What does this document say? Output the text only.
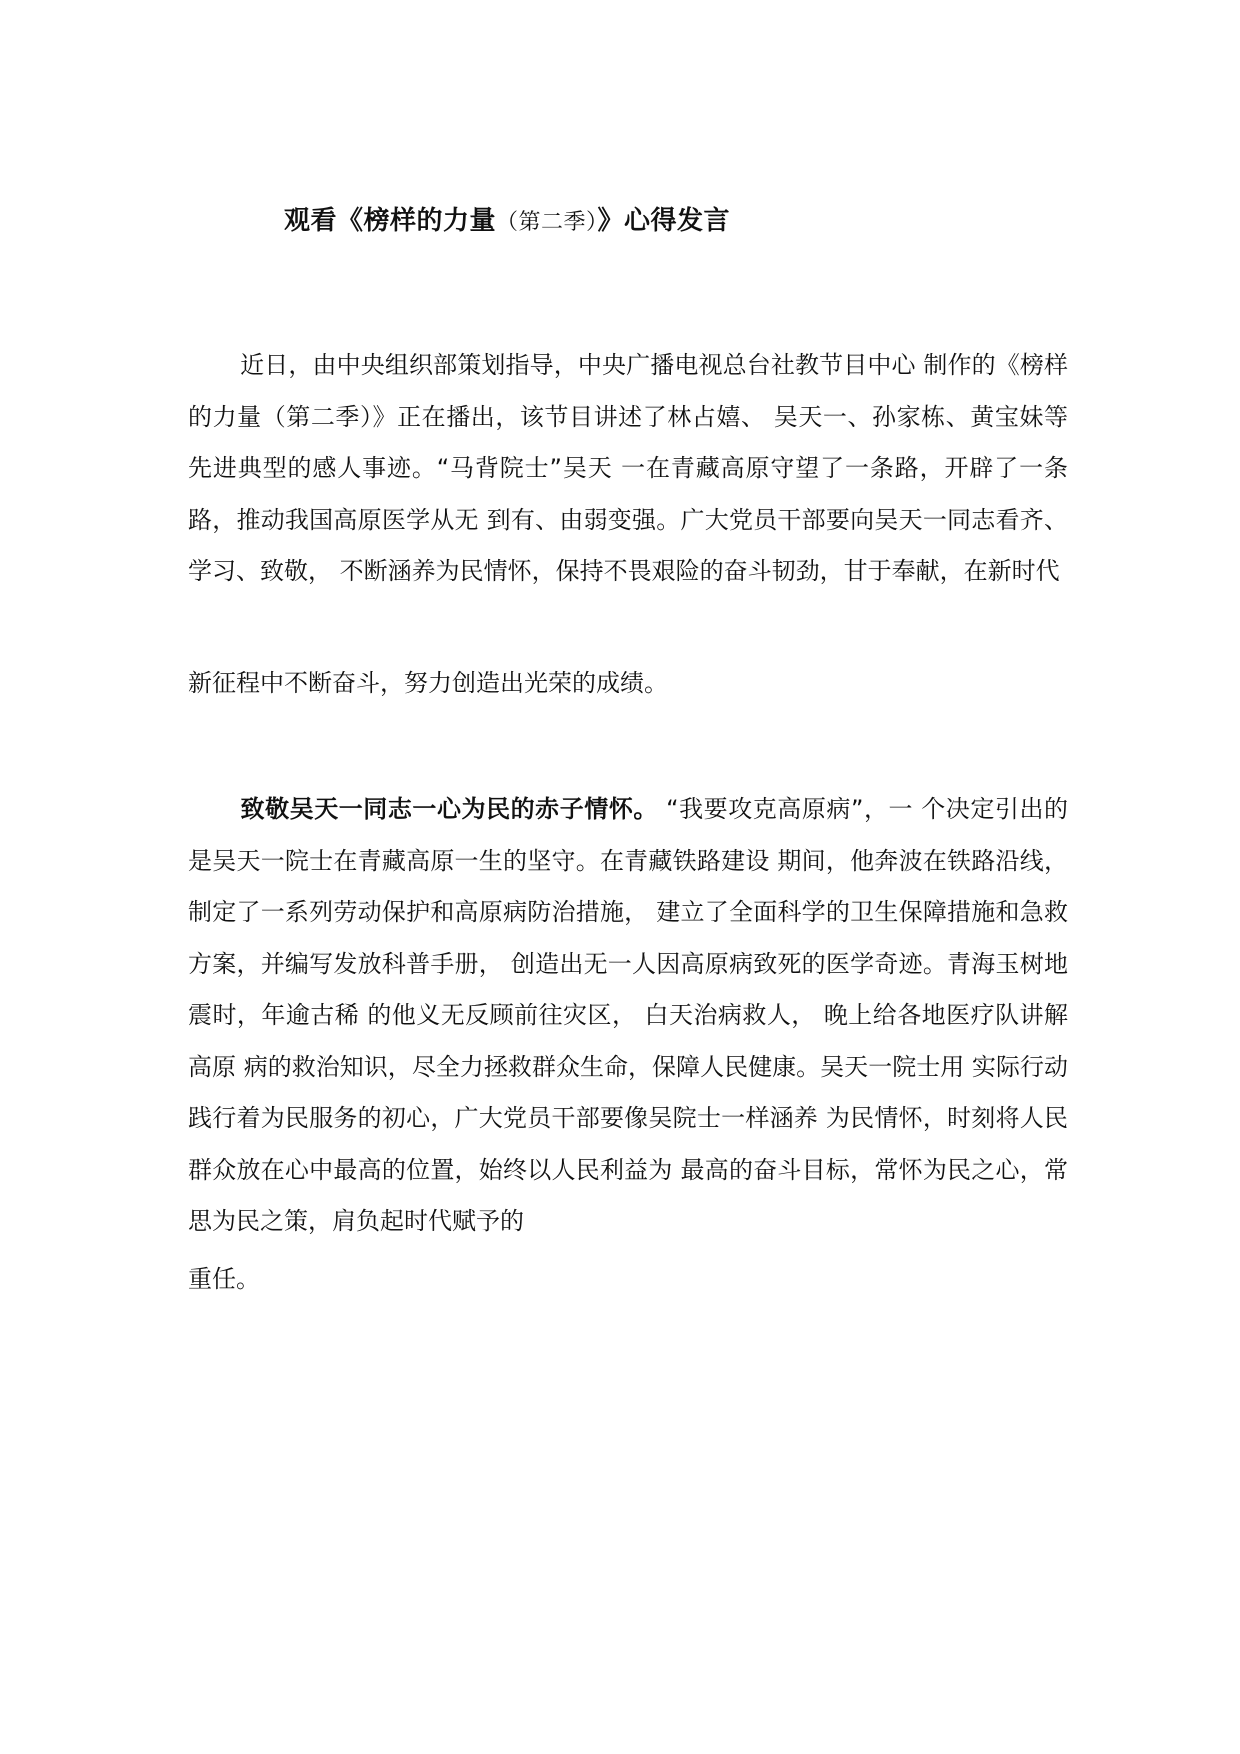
观看《榜样的力量（第二季）》心得发言

近日，由中央组织部策划指导，中央广播电视总台社教节目中心 制作的《榜样的力量（第二季）》正在播出，该节目讲述了林占嬉、 吴天一、孙家栋、黄宝妹等先进典型的感人事迹。“马背院士”吴天 一在青藏高原守望了一条路，开辟了一条路，推动我国高原医学从无 到有、由弱变强。广大党员干部要向吴天一同志看齐、学习、致敬， 不断涵养为民情怀，保持不畏艰险的奋斗韧劲，甘于奉献，在新时代

新征程中不断奋斗，努力创造出光荣的成绩。

致敬吴天一同志一心为民的赤子情怀。 “我要攻克高原病”，一 个决定引出的是吴天一院士在青藏高原一生的坚守。在青藏铁路建设 期间，他奔波在铁路沿线，制定了一系列劳动保护和高原病防治措施， 建立了全面科学的卫生保障措施和急救方案，并编写发放科普手册， 创造出无一人因高原病致死的医学奇迹。青海玉树地震时，年逾古稀 的他义无反顾前往灾区， 白天治病救人， 晚上给各地医疗队讲解高原 病的救治知识，尽全力拯救群众生命，保障人民健康。吴天一院士用 实际行动践行着为民服务的初心，广大党员干部要像吴院士一样涵养 为民情怀，时刻将人民群众放在心中最高的位置，始终以人民利益为 最高的奋斗目标，常怀为民之心，常思为民之策，肩负起时代赋予的

重任。
